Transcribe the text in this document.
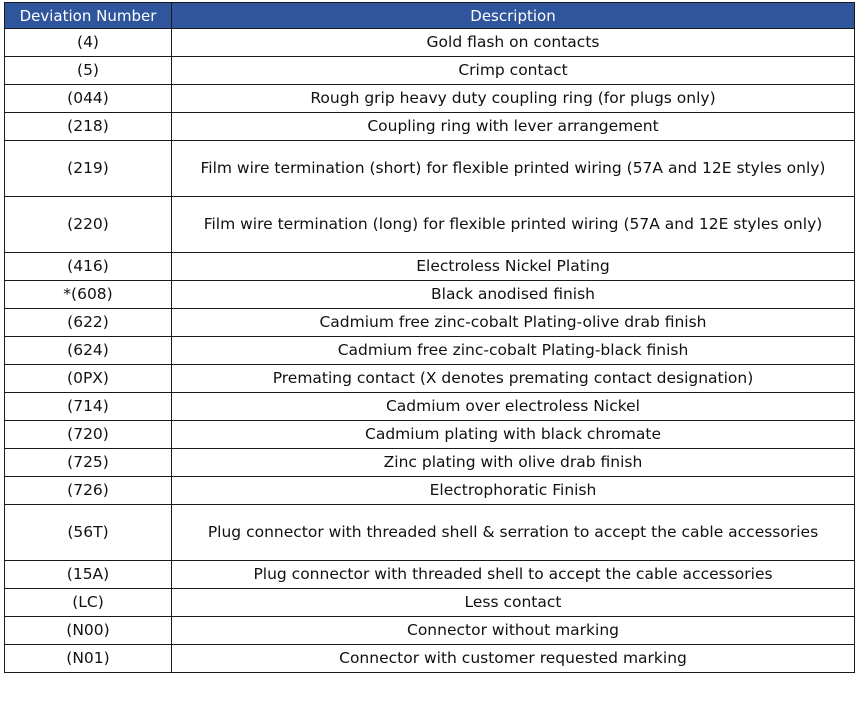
Deviation Number	Description
(4)	Gold flash on contacts
(5)	Crimp contact
(044)	Rough grip heavy duty coupling ring (for plugs only)
(218)	Coupling ring with lever arrangement
(219)	Film wire termination (short) for flexible printed wiring (57A and 12E styles only)
(220)	Film wire termination (long) for flexible printed wiring (57A and 12E styles only)
(416)	Electroless Nickel Plating
*(608)	Black anodised finish
(622)	Cadmium free zinc-cobalt Plating-olive drab finish
(624)	Cadmium free zinc-cobalt Plating-black finish
(0PX)	Premating contact (X denotes premating contact designation)
(714)	Cadmium over electroless Nickel
(720)	Cadmium plating with black chromate
(725)	Zinc plating with olive drab finish
(726)	Electrophoratic Finish
(56T)	Plug connector with threaded shell & serration to accept the cable accessories
(15A)	Plug connector with threaded shell to accept the cable accessories
(LC)	Less contact
(N00)	Connector without marking
(N01)	Connector with customer requested marking
